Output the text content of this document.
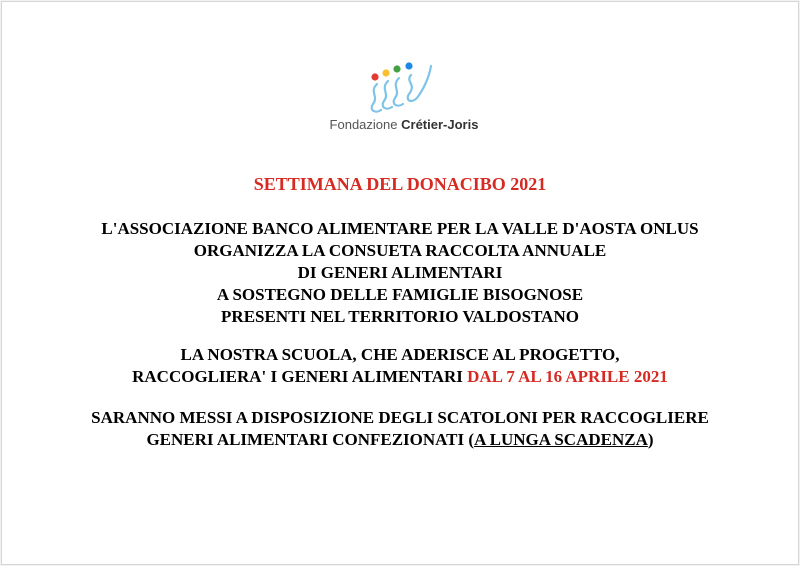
Fondazione Crétier-Joris
SETTIMANA DEL DONACIBO 2021
L'ASSOCIAZIONE BANCO ALIMENTARE PER LA VALLE D'AOSTA ONLUS
ORGANIZZA LA CONSUETA RACCOLTA ANNUALE
DI GENERI ALIMENTARI
A SOSTEGNO DELLE FAMIGLIE BISOGNOSE
PRESENTI NEL TERRITORIO VALDOSTANO
LA NOSTRA SCUOLA, CHE ADERISCE AL PROGETTO,
RACCOGLIERA' I GENERI ALIMENTARI DAL 7 AL 16 APRILE 2021
SARANNO MESSI A DISPOSIZIONE DEGLI SCATOLONI PER RACCOGLIERE
GENERI ALIMENTARI CONFEZIONATI (A LUNGA SCADENZA)
